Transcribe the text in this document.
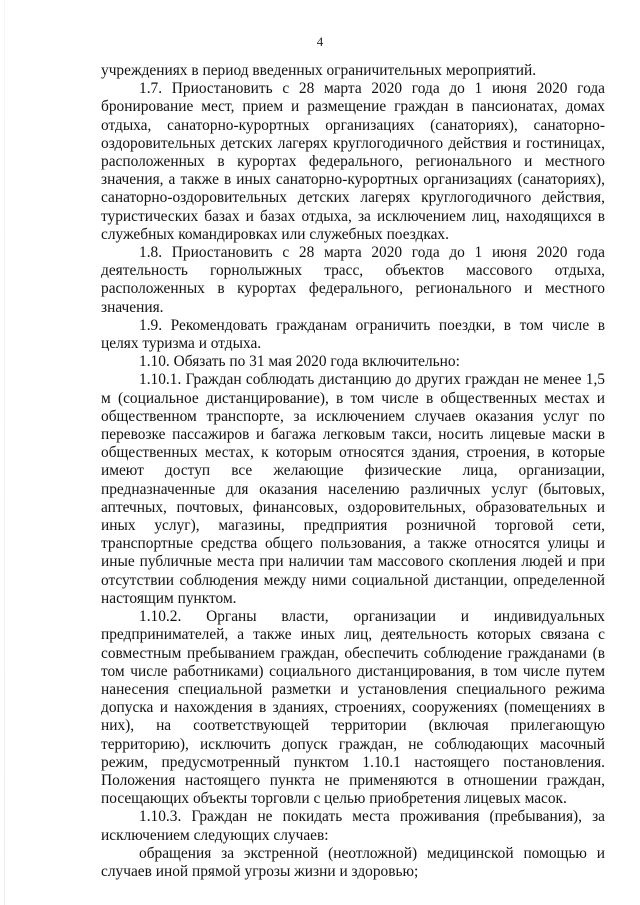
4

учреждениях в период введенных ограничительных мероприятий.

1.7. Приостановить с 28 марта 2020 года до 1 июня 2020 года бронирование мест, прием и размещение граждан в пансионатах, домах отдыха, санаторно-курортных организациях (санаториях), санаторно-оздоровительных детских лагерях круглогодичного действия и гостиницах, расположенных в курортах федерального, регионального и местного значения, а также в иных санаторно-курортных организациях (санаториях), санаторно-оздоровительных детских лагерях круглогодичного действия, туристических базах и базах отдыха, за исключением лиц, находящихся в служебных командировках или служебных поездках.

1.8. Приостановить с 28 марта 2020 года до 1 июня 2020 года деятельность горнолыжных трасс, объектов массового отдыха, расположенных в курортах федерального, регионального и местного значения.

1.9. Рекомендовать гражданам ограничить поездки, в том числе в целях туризма и отдыха.

1.10. Обязать по 31 мая 2020 года включительно:

1.10.1. Граждан соблюдать дистанцию до других граждан не менее 1,5 м (социальное дистанцирование), в том числе в общественных местах и общественном транспорте, за исключением случаев оказания услуг по перевозке пассажиров и багажа легковым такси, носить лицевые маски в общественных местах, к которым относятся здания, строения, в которые имеют доступ все желающие физические лица, организации, предназначенные для оказания населению различных услуг (бытовых, аптечных, почтовых, финансовых, оздоровительных, образовательных и иных услуг), магазины, предприятия розничной торговой сети, транспортные средства общего пользования, а также относятся улицы и иные публичные места при наличии там массового скопления людей и при отсутствии соблюдения между ними социальной дистанции, определенной настоящим пунктом.

1.10.2. Органы власти, организации и индивидуальных предпринимателей, а также иных лиц, деятельность которых связана с совместным пребыванием граждан, обеспечить соблюдение гражданами (в том числе работниками) социального дистанцирования, в том числе путем нанесения специальной разметки и установления специального режима допуска и нахождения в зданиях, строениях, сооружениях (помещениях в них), на соответствующей территории (включая прилегающую территорию), исключить допуск граждан, не соблюдающих масочный режим, предусмотренный пунктом 1.10.1 настоящего постановления. Положения настоящего пункта не применяются в отношении граждан, посещающих объекты торговли с целью приобретения лицевых масок.

1.10.3. Граждан не покидать места проживания (пребывания), за исключением следующих случаев:

обращения за экстренной (неотложной) медицинской помощью и случаев иной прямой угрозы жизни и здоровью;
